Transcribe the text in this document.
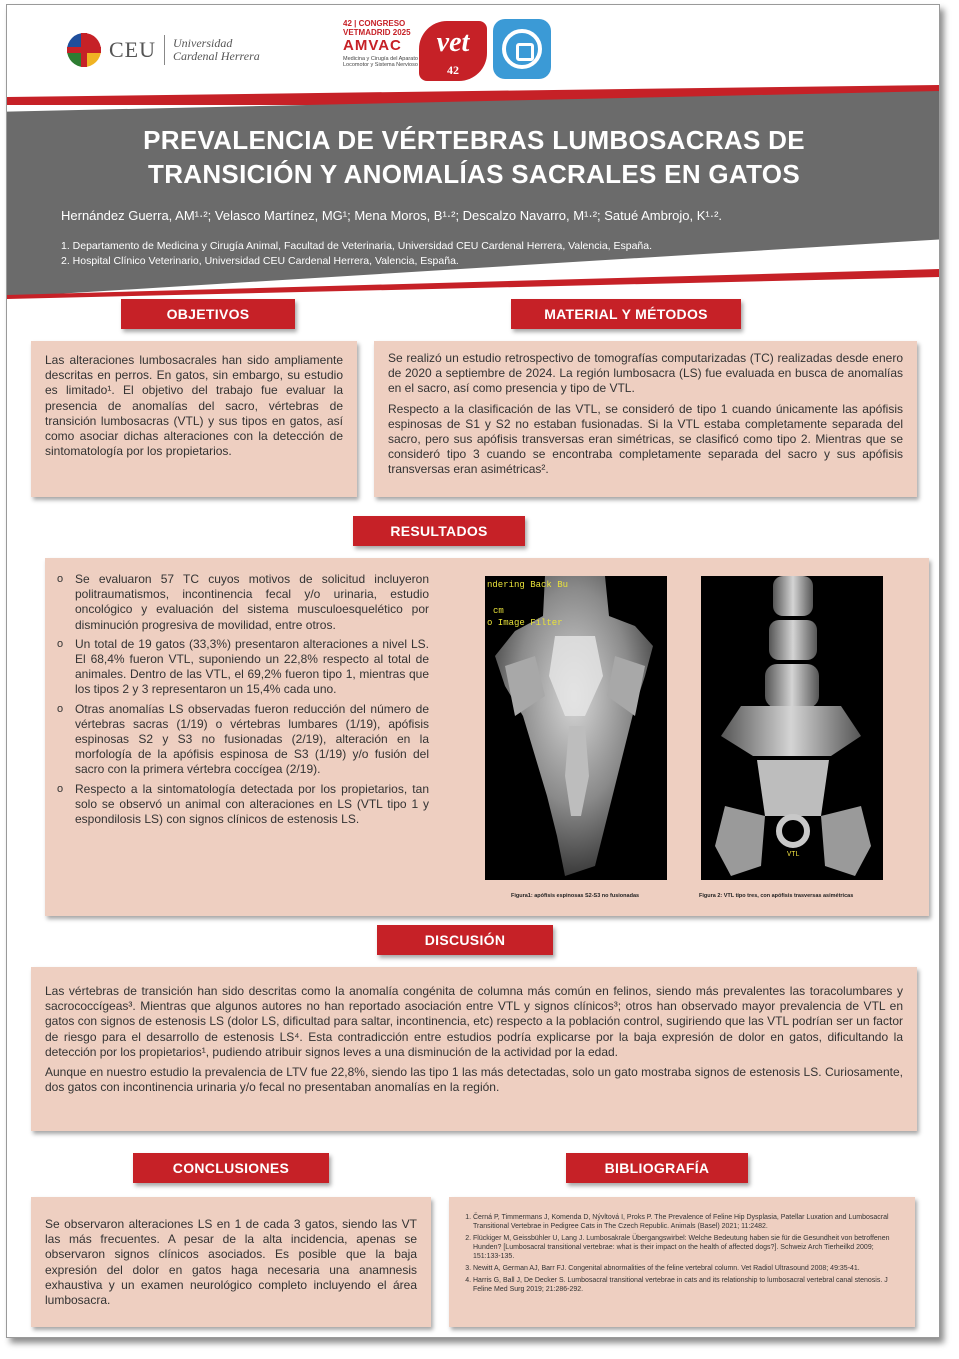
CEU Universidad
Cardenal Herrera
42 | CONGRESO
VETMADRID 2025
AMVAC
Medicina y Cirugía del Aparato Locomotor y Sistema Nervioso
vet
42
PREVALENCIA DE VÉRTEBRAS LUMBOSACRAS DE
TRANSICIÓN Y ANOMALÍAS SACRALES EN GATOS
Hernández Guerra, AM¹·²; Velasco Martínez, MG¹; Mena Moros, B¹·²; Descalzo Navarro, M¹·²; Satué Ambrojo, K¹·².
1. Departamento de Medicina y Cirugía Animal, Facultad de Veterinaria, Universidad CEU Cardenal Herrera, Valencia, España.
2. Hospital Clínico Veterinario, Universidad CEU Cardenal Herrera, Valencia, España.
OBJETIVOS

Las alteraciones lumbosacrales han sido ampliamente descritas en perros. En gatos, sin embargo, su estudio es limitado¹. El objetivo del trabajo fue evaluar la presencia de anomalías del sacro, vértebras de transición lumbosacras (VTL) y sus tipos en gatos, así como asociar dichas alteraciones con la detección de sintomatología por los propietarios.

MATERIAL Y MÉTODOS

Se realizó un estudio retrospectivo de tomografías computarizadas (TC) realizadas desde enero de 2020 a septiembre de 2024. La región lumbosacra (LS) fue evaluada en busca de anomalías en el sacro, así como presencia y tipo de VTL.

Respecto a la clasificación de las VTL, se consideró de tipo 1 cuando únicamente las apófisis espinosas de S1 y S2 no estaban fusionadas. Si la VTL estaba completamente separada del sacro, pero sus apófisis transversas eran simétricas, se clasificó como tipo 2. Mientras que se consideró tipo 3 cuando se encontraba completamente separada del sacro y sus apófisis transversas eran asimétricas².

RESULTADOS
o Se evaluaron 57 TC cuyos motivos de solicitud incluyeron politraumatismos, incontinencia fecal y/o urinaria, estudio oncológico y evaluación del sistema musculoesquelético por disminución progresiva de movilidad, entre otros.
o Un total de 19 gatos (33,3%) presentaron alteraciones a nivel LS. El 68,4% fueron VTL, suponiendo un 22,8% respecto al total de animales. Dentro de las VTL, el 69,2% fueron tipo 1, mientras que los tipos 2 y 3 representaron un 15,4% cada uno.
o Otras anomalías LS observadas fueron reducción del número de vértebras sacras (1/19) o vértebras lumbares (1/19), apófisis espinosas S2 y S3 no fusionadas (2/19), alteración en la morfología de la apófisis espinosa de S3 (1/19) y/o fusión del sacro con la primera vértebra coccígea (2/19).
o Respecto a la sintomatología detectada por los propietarios, tan solo se observó un animal con alteraciones en LS (VTL tipo 1 y espondilosis LS) con signos clínicos de estenosis LS.
ndering Back Bu
cm
o Image Filter
Figura1: apófisis espinosas S2-S3 no fusionadas
VTL
Figura 2: VTL tipo tres, con apófisis trasversas asimétricas
DISCUSIÓN

Las vértebras de transición han sido descritas como la anomalía congénita de columna más común en felinos, siendo más prevalentes las toracolumbares y sacrococcígeas³. Mientras que algunos autores no han reportado asociación entre VTL y signos clínicos³; otros han observado mayor prevalencia de VTL en gatos con signos de estenosis LS (dolor LS, dificultad para saltar, incontinencia, etc) respecto a la población control, sugiriendo que las VTL podrían ser un factor de riesgo para el desarrollo de estenosis LS⁴. Esta contradicción entre estudios podría explicarse por la baja expresión de dolor en gatos, dificultando la detección por los propietarios¹, pudiendo atribuir signos leves a una disminución de la actividad por la edad.

Aunque en nuestro estudio la prevalencia de LTV fue 22,8%, siendo las tipo 1 las más detectadas, solo un gato mostraba signos de estenosis LS. Curiosamente, dos gatos con incontinencia urinaria y/o fecal no presentaban anomalías en la región.

CONCLUSIONES

Se observaron alteraciones LS en 1 de cada 3 gatos, siendo las VT las más frecuentes. A pesar de la alta incidencia, apenas se observaron signos clínicos asociados. Es posible que la baja expresión del dolor en gatos haga necesaria una anamnesis exhaustiva y un examen neurológico completo incluyendo el área lumbosacra.

BIBLIOGRAFÍA
1. Černá P, Timmermans J, Komenda D, Nývltová I, Proks P. The Prevalence of Feline Hip Dysplasia, Patellar Luxation and Lumbosacral Transitional Vertebrae in Pedigree Cats in The Czech Republic. Animals (Basel) 2021; 11:2482.
2. Flückiger M, Geissbühler U, Lang J. Lumbosakrale Übergangswirbel: Welche Bedeutung haben sie für die Gesundheit von betroffenen Hunden? [Lumbosacral transitional vertebrae: what is their impact on the health of affected dogs?]. Schweiz Arch Tierheilkd 2009; 151:133-135.
3. Newitt A, German AJ, Barr FJ. Congenital abnormalities of the feline vertebral column. Vet Radiol Ultrasound 2008; 49:35-41.
4. Harris G, Ball J, De Decker S. Lumbosacral transitional vertebrae in cats and its relationship to lumbosacral vertebral canal stenosis. J Feline Med Surg 2019; 21:286-292.
